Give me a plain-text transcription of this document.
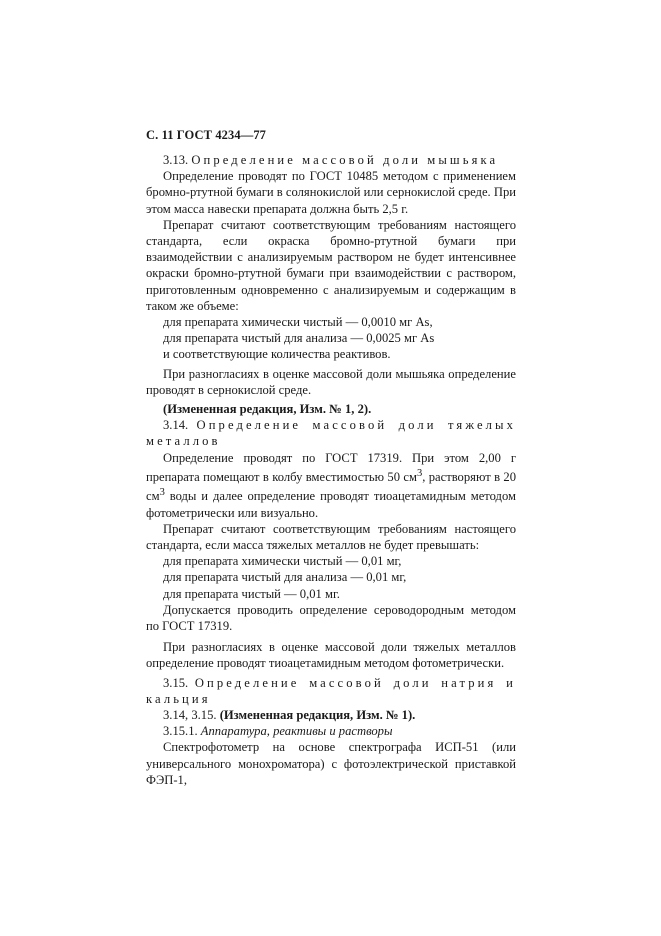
С. 11 ГОСТ 4234—77

3.13. Определение массовой доли мышьяка

Определение проводят по ГОСТ 10485 методом с применением бромно-ртутной бумаги в солянокислой или сернокислой среде. При этом масса навески препарата должна быть 2,5 г.

Препарат считают соответствующим требованиям настоящего стандарта, если окраска бромно-ртутной бумаги при взаимодействии с анализируемым раствором не будет интенсивнее окраски бромно-ртутной бумаги при взаимодействии с раствором, приготовленным одновременно с анализируемым и содержащим в таком же объеме:

для препарата химически чистый — 0,0010 мг As,

для препарата чистый для анализа — 0,0025 мг As

и соответствующие количества реактивов.

При разногласиях в оценке массовой доли мышьяка определение проводят в сернокислой среде.

(Измененная редакция, Изм. № 1, 2).

3.14. Определение массовой доли тяжелых металлов

Определение проводят по ГОСТ 17319. При этом 2,00 г препарата помещают в колбу вместимостью 50 $см^3$, растворяют в 20 $см^3$ воды и далее определение проводят тиоацетамидным методом фотометрически или визуально.

Препарат считают соответствующим требованиям настоящего стандарта, если масса тяжелых металлов не будет превышать:

для препарата химически чистый — 0,01 мг,

для препарата чистый для анализа — 0,01 мг,

для препарата чистый — 0,01 мг.

Допускается проводить определение сероводородным методом по ГОСТ 17319.

При разногласиях в оценке массовой доли тяжелых металлов определение проводят тиоацетамидным методом фотометрически.

3.15. Определение массовой доли натрия и кальция

3.14, 3.15. (Измененная редакция, Изм. № 1).

3.15.1. Аппаратура, реактивы и растворы

Спектрофотометр на основе спектрографа ИСП-51 (или универсального монохроматора) с фотоэлектрической приставкой ФЭП-1,
